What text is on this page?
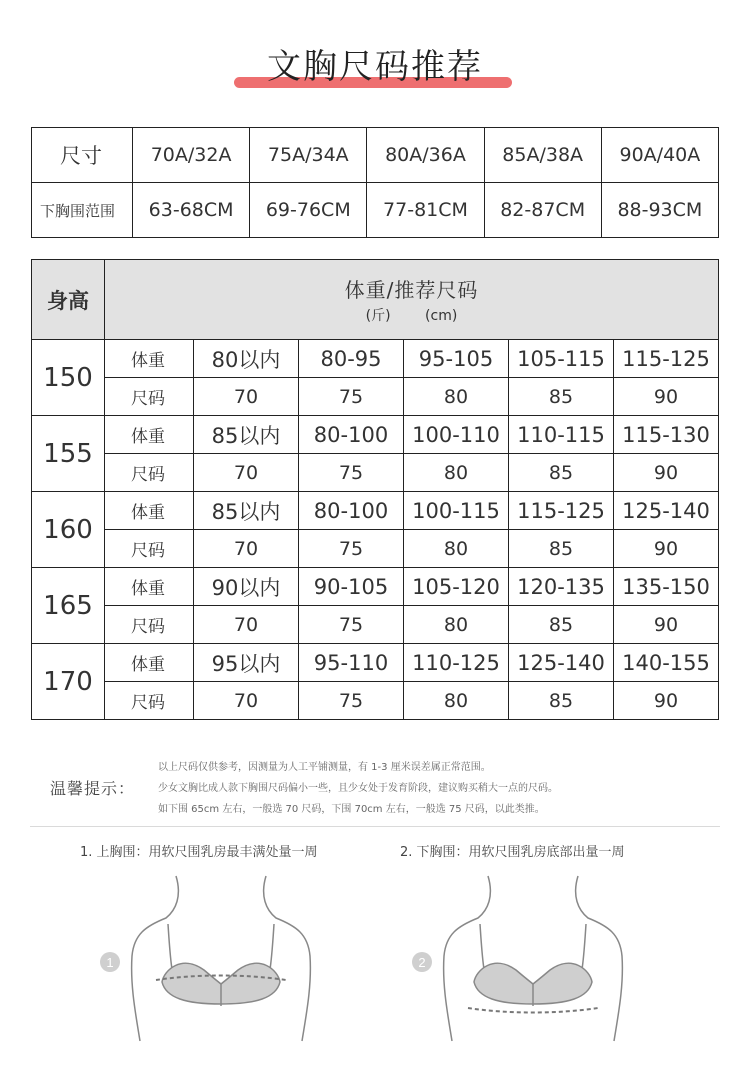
文胸尺码推荐
尺寸	70A/32A	75A/34A	80A/36A	85A/38A	90A/40A
下胸围范围	63-68CM	69-76CM	77-81CM	82-87CM	88-93CM
身高	体重/推荐尺码
(斤) (cm)					

150	体重	80以内	80-95	95-105	105-115	115-125
	尺码	70	75	80	85	90
155	体重	85以内	80-100	100-110	110-115	115-130
	尺码	70	75	80	85	90
160	体重	85以内	80-100	100-115	115-125	125-140
	尺码	70	75	80	85	90
165	体重	90以内	90-105	105-120	120-135	135-150
	尺码	70	75	80	85	90
170	体重	95以内	95-110	110-125	125-140	140-155
	尺码	70	75	80	85	90
温馨提示：
以上尺码仅供参考，因测量为人工平铺测量，有 1-3 厘米误差属正常范围。
少女文胸比成人款下胸围尺码偏小一些，且少女处于发育阶段，建议购买稍大一点的尺码。
如下围 65cm 左右，一般选 70 尺码，下围 70cm 左右，一般选 75 尺码，以此类推。
1. 上胸围：用软尺围乳房最丰满处量一周	2. 下胸围：用软尺围乳房底部出量一周
1	2
